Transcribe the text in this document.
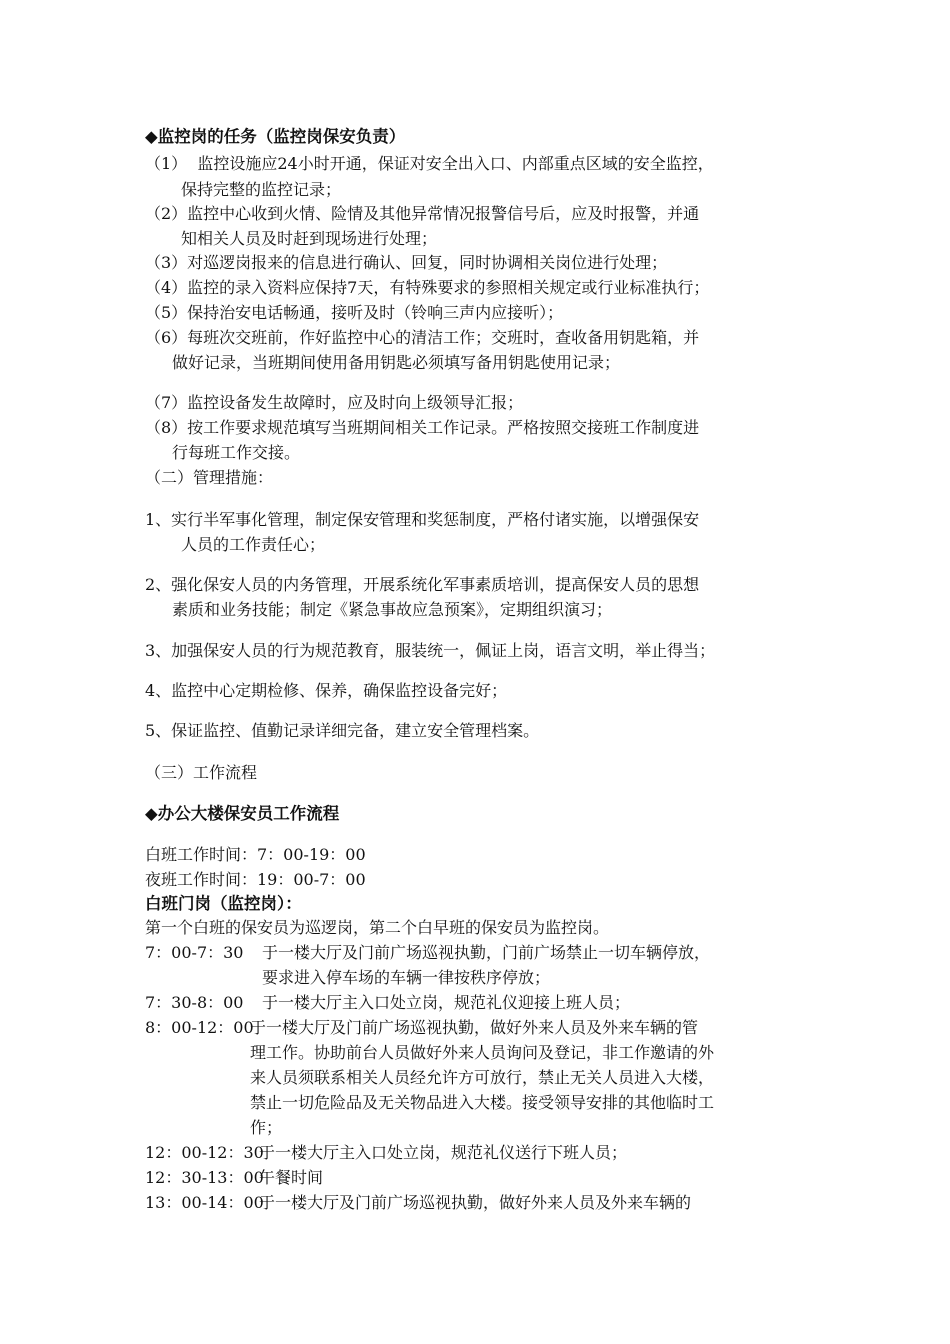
◆监控岗的任务（监控岗保安负责）
（1）  监控设施应24小时开通，保证对安全出入口、内部重点区域的安全监控，
保持完整的监控记录；
（2）监控中心收到火情、险情及其他异常情况报警信号后，应及时报警，并通
知相关人员及时赶到现场进行处理；
（3）对巡逻岗报来的信息进行确认、回复，同时协调相关岗位进行处理；
（4）监控的录入资料应保持7天，有特殊要求的参照相关规定或行业标准执行；
（5）保持治安电话畅通，接听及时（铃响三声内应接听）；
（6）每班次交班前，作好监控中心的清洁工作；交班时，查收备用钥匙箱，并
做好记录，当班期间使用备用钥匙必须填写备用钥匙使用记录；
（7）监控设备发生故障时，应及时向上级领导汇报；
（8）按工作要求规范填写当班期间相关工作记录。严格按照交接班工作制度进
行每班工作交接。
（二）管理措施：
1、实行半军事化管理，制定保安管理和奖惩制度，严格付诸实施，以增强保安
人员的工作责任心；
2、强化保安人员的内务管理，开展系统化军事素质培训，提高保安人员的思想
素质和业务技能；制定《紧急事故应急预案》，定期组织演习；
3、加强保安人员的行为规范教育，服装统一，佩证上岗，语言文明，举止得当；
4、监控中心定期检修、保养，确保监控设备完好；
5、保证监控、值勤记录详细完备，建立安全管理档案。
（三）工作流程
◆办公大楼保安员工作流程
白班工作时间：7：00-19：00
夜班工作时间：19：00-7：00
白班门岗（监控岗）：
第一个白班的保安员为巡逻岗，第二个白早班的保安员为监控岗。
7：00-7：30 于一楼大厅及门前广场巡视执勤，门前广场禁止一切车辆停放，
要求进入停车场的车辆一律按秩序停放；
7：30-8：00 于一楼大厅主入口处立岗，规范礼仪迎接上班人员；
8：00-12：00
于一楼大厅及门前广场巡视执勤，做好外来人员及外来车辆的管
理工作。协助前台人员做好外来人员询问及登记，非工作邀请的外
来人员须联系相关人员经允许方可放行，禁止无关人员进入大楼，
禁止一切危险品及无关物品进入大楼。接受领导安排的其他临时工
作；
12：00-12：30
于一楼大厅主入口处立岗，规范礼仪送行下班人员；
12：30-13：00
午餐时间
13：00-14：00
于一楼大厅及门前广场巡视执勤，做好外来人员及外来车辆的
